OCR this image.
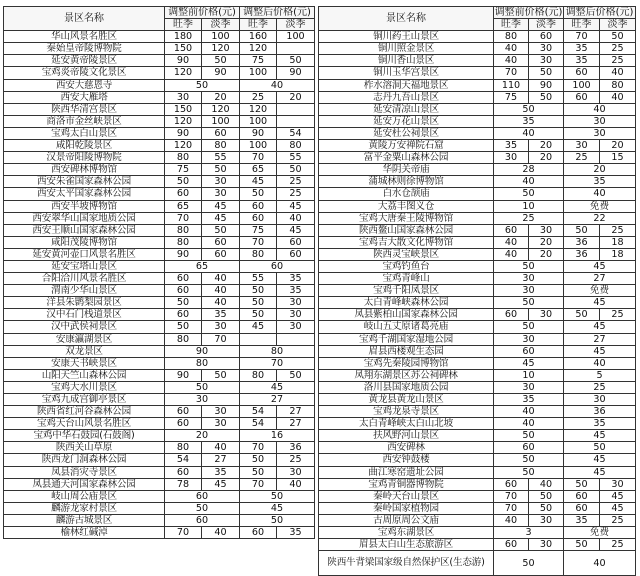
景区名称	调整前价格(元)		调整后价格(元)	
	旺季	淡季	旺季	淡季
华山风景名胜区	180	100	160	100
秦始皇帝陵博物院	150	120	120	
延安黄帝陵景区	90	50	75	50
宝鸡炎帝陵文化景区	120	90	100	90
西安大慈恩寺	50		40	
西安大雁塔	30	20	25	20
陕西华清宫景区	150	120	120	
商洛市金丝峡景区	120	100	100	
宝鸡太白山景区	90	60	90	54
咸阳乾陵景区	120	80	100	80
汉景帝阳陵博物院	80	55	70	55
西安碑林博物馆	75	50	65	50
西安朱雀国家森林公园	50	30	45	25
西安太平国家森林公园	60	30	50	25
西安半坡博物馆	65	45	60	45
西安翠华山国家地质公园	70	45	60	40
西安王顺山国家森林公园	80	50	75	45
咸阳茂陵博物馆	80	60	70	60
延安黄河壶口风景名胜区	90	60	80	60
延安宝塔山景区	65		60	
合阳洽川风景名胜区	60	40	55	35
渭南少华山景区	60	40	50	35
洋县朱鹮梨园景区	50	40	50	30
汉中石门栈道景区	60	35	50	30
汉中武侯祠景区	50	30	45	30
安康瀛湖景区	80	70		
双龙景区	90		80	
安康天书峡景区	80		70	
山阳天竺山森林公园	90	50	80	50
宝鸡大水川景区	50		45	
宝鸡九成宫御亭景区	30		27	
陕西省红河谷森林公园	60	30	54	27
宝鸡天台山风景名胜区	60	30	54	27
宝鸡中华石鼓园(石鼓阁)	20		16	
陕西关山草原	80	40	70	36
陕西龙门洞森林公园	54	27	50	25
凤县消灾寺景区	60	35	50	30
凤县通天河国家森林公园	78	45	70	40
岐山周公庙景区	60		50	
麟游龙家村景区	50		45	
麟游古城景区	60		50	
榆林红碱淖	70	40	60	35
景区名称	调整前价格(元)		调整后价格(元)	
	旺季	淡季	旺季	淡季
铜川药王山景区	80	60	70	50
铜川照金景区	40	30	35	25
铜川香山景区	40	30	35	25
铜川玉华宫景区	70	50	60	40
柞水溶洞天福地景区	110	90	100	80
志丹九吾山景区	75	50	60	40
延安清凉山景区	50		40	
延安万花山景区	35		30	
延安杜公祠景区	40		30	
黄陵万安禅院石窟	35	20	30	20
富平金粟山森林公园	30	20	25	15
华阴关帝庙	28		20	
蒲城林则徐博物馆	40		35	
白水仓颉庙	50		40	
大荔丰图义仓	10		免费	
宝鸡大唐秦王陵博物馆	25		22	
陕西鳌山国家森林公园	60	30	50	25
宝鸡吉大散文化博物馆	40	20	36	18
陕西灵宝峡景区	40	20	36	18
宝鸡钓鱼台	50		45	
宝鸡青峰山	30		27	
宝鸡千阳凤景区	30		免费	
太白青峰峡森林公园	50		45	
凤县紫柏山国家森林公园	60	30	50	25
岐山五丈原诸葛亮庙	50		45	
宝鸡千湖国家湿地公园	30		27	
眉县西楼观生态园	60		45	
宝鸡先秦陵园博物馆	45		40	
凤翔东湖景区苏公祠碑林	10		5	
洛川县国家地质公园	30		25	
黄龙县黄龙山景区	35		30	
宝鸡龙泉寺景区	40		36	
太白青峰峡太白山北坡	40		35	
扶风野河山景区	50		45	
西安碑林	60		50	
西安钟鼓楼	50		45	
曲江寒窑遗址公园	50		45	
宝鸡青铜器博物院	60	40	50	30
秦岭天台山景区	70	50	60	45
秦岭国家植物园	70	50	60	45
古周原周公文庙	40	30	35	25
宝鸡东湖景区	3		免费	
眉县太白山生态旅游区	60	30	50	25
陕西牛背梁国家级自然保护区(生态游)	50		40	
